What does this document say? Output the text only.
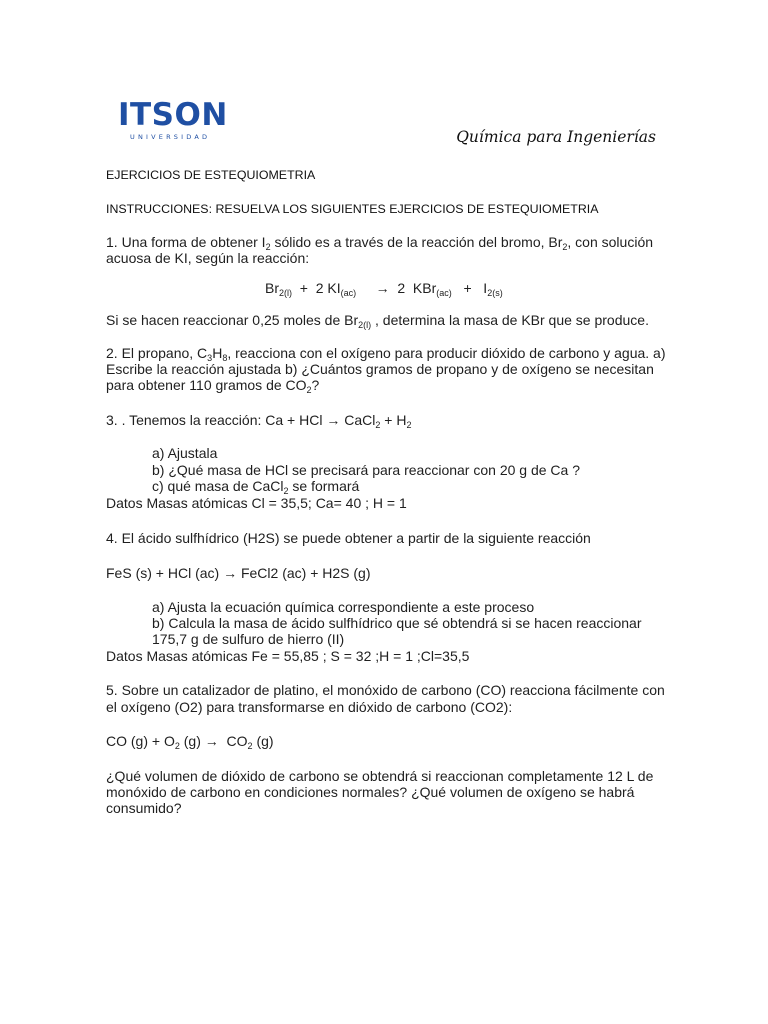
ITSON
UNIVERSIDAD	Química para Ingenierías
EJERCICIOS DE ESTEQUIOMETRIA
INSTRUCCIONES: RESUELVA LOS SIGUIENTES EJERCICIOS DE ESTEQUIOMETRIA
1. Una forma de obtener $I_2$ sólido es a través de la reacción del bromo, $Br_2$, con solución
acuosa de KI, según la reacción:
$Br_{2(l)} + 2$ $KI_{(ac)}$     →  2  $KBr_{(ac)} + I_{2(s)}$
Si se hacen reaccionar 0,25 moles de $Br_{2(l)}$ , determina la masa de KBr que se produce.
2. El propano, $C_3H_8$, reacciona con el oxígeno para producir dióxido de carbono y agua. a)
Escribe la reacción ajustada b) ¿Cuántos gramos de propano y de oxígeno se necesitan
para obtener 110 gramos de $CO_2$?
3. . Tenemos la reacción: Ca + HCl → CaCl$_2$ + $H_2$
a) Ajustala
b) ¿Qué masa de HCl se precisará para reaccionar con 20 g de Ca ?
c) qué masa de CaCl$_2$ se formará
Datos Masas atómicas Cl = 35,5; Ca= 40 ; H = 1
4. El ácido sulfhídrico (H2S) se puede obtener a partir de la siguiente reacción
FeS (s) + HCl (ac) → FeCl2 (ac) + H2S (g)
a) Ajusta la ecuación química correspondiente a este proceso
b) Calcula la masa de ácido sulfhídrico que sé obtendrá si se hacen reaccionar
175,7 g de sulfuro de hierro (II)
Datos Masas atómicas Fe = 55,85 ; S = 32 ;H = 1 ;Cl=35,5
5. Sobre un catalizador de platino, el monóxido de carbono (CO) reacciona fácilmente con
el oxígeno (O2) para transformarse en dióxido de carbono (CO2):
CO $(g) + O_2$ $(g) \to CO_2$ (g)
¿Qué volumen de dióxido de carbono se obtendrá si reaccionan completamente 12 L de
monóxido de carbono en condiciones normales? ¿Qué volumen de oxígeno se habrá
consumido?
